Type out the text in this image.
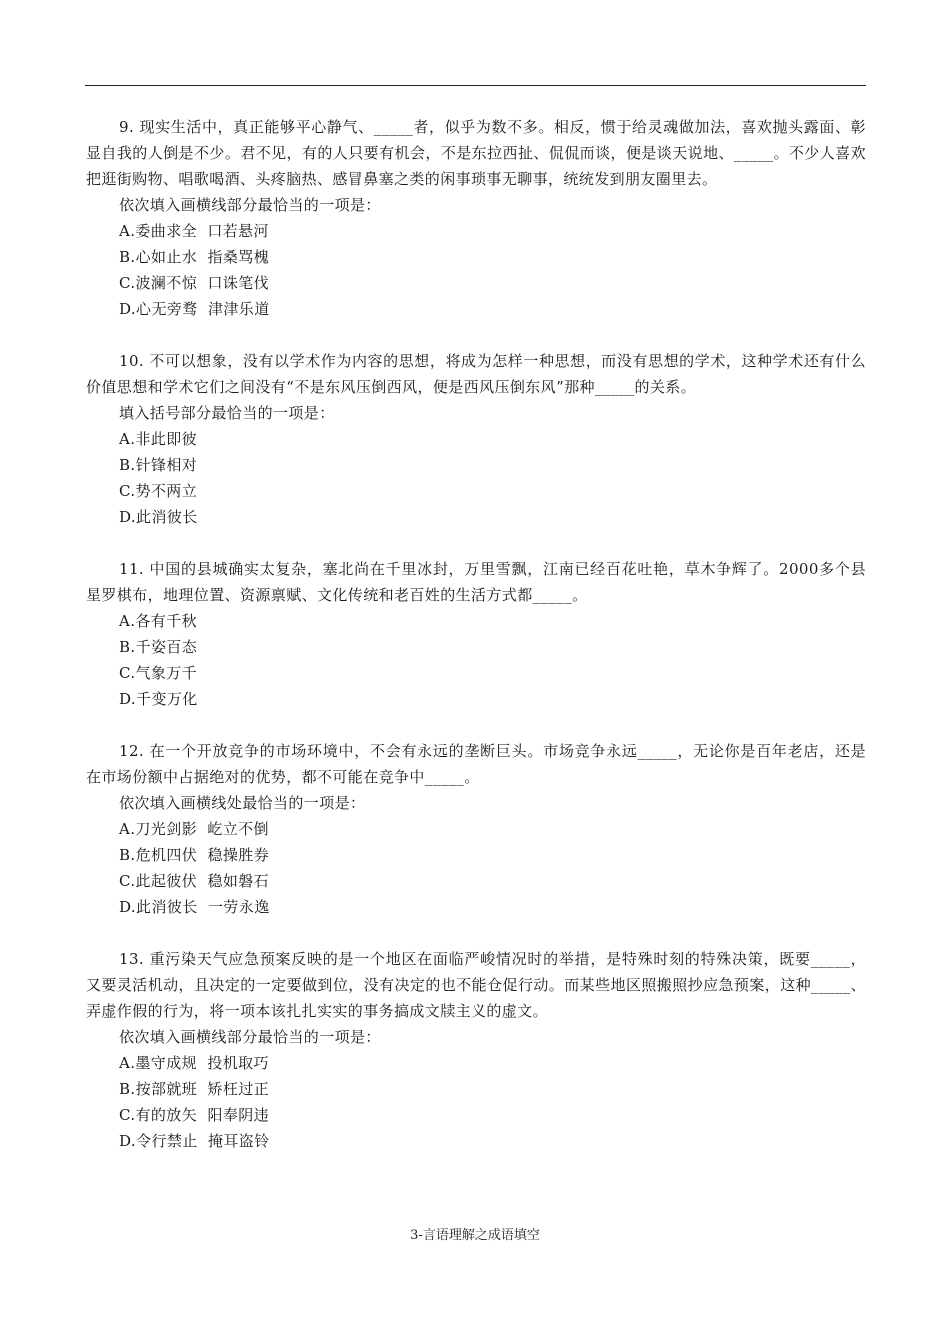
9. 现实生活中，真正能够平心静气、_____者，似乎为数不多。相反，惯于给灵魂做加法，喜欢抛头露面、彰显自我的人倒是不少。君不见，有的人只要有机会，不是东拉西扯、侃侃而谈，便是谈天说地、_____。不少人喜欢把逛街购物、唱歌喝酒、头疼脑热、感冒鼻塞之类的闲事琐事无聊事，统统发到朋友圈里去。

依次填入画横线部分最恰当的一项是：

A.委曲求全  口若悬河
B.心如止水  指桑骂槐
C.波澜不惊  口诛笔伐
D.心无旁骛  津津乐道

10. 不可以想象，没有以学术作为内容的思想，将成为怎样一种思想，而没有思想的学术，这种学术还有什么价值思想和学术它们之间没有“不是东风压倒西风，便是西风压倒东风”那种_____的关系。

填入括号部分最恰当的一项是：

A.非此即彼
B.针锋相对
C.势不两立
D.此消彼长

11. 中国的县城确实太复杂，塞北尚在千里冰封，万里雪飘，江南已经百花吐艳，草木争辉了。2000多个县星罗棋布，地理位置、资源禀赋、文化传统和老百姓的生活方式都_____。

A.各有千秋
B.千姿百态
C.气象万千
D.千变万化

12. 在一个开放竞争的市场环境中，不会有永远的垄断巨头。市场竞争永远_____，无论你是百年老店，还是在市场份额中占据绝对的优势，都不可能在竞争中_____。

依次填入画横线处最恰当的一项是：

A.刀光剑影  屹立不倒
B.危机四伏  稳操胜券
C.此起彼伏  稳如磐石
D.此消彼长  一劳永逸

13. 重污染天气应急预案反映的是一个地区在面临严峻情况时的举措，是特殊时刻的特殊决策，既要_____，又要灵活机动，且决定的一定要做到位，没有决定的也不能仓促行动。而某些地区照搬照抄应急预案，这种_____、弄虚作假的行为，将一项本该扎扎实实的事务搞成文牍主义的虚文。

依次填入画横线部分最恰当的一项是：

A.墨守成规  投机取巧
B.按部就班  矫枉过正
C.有的放矢  阳奉阴违
D.令行禁止  掩耳盗铃
3-言语理解之成语填空
